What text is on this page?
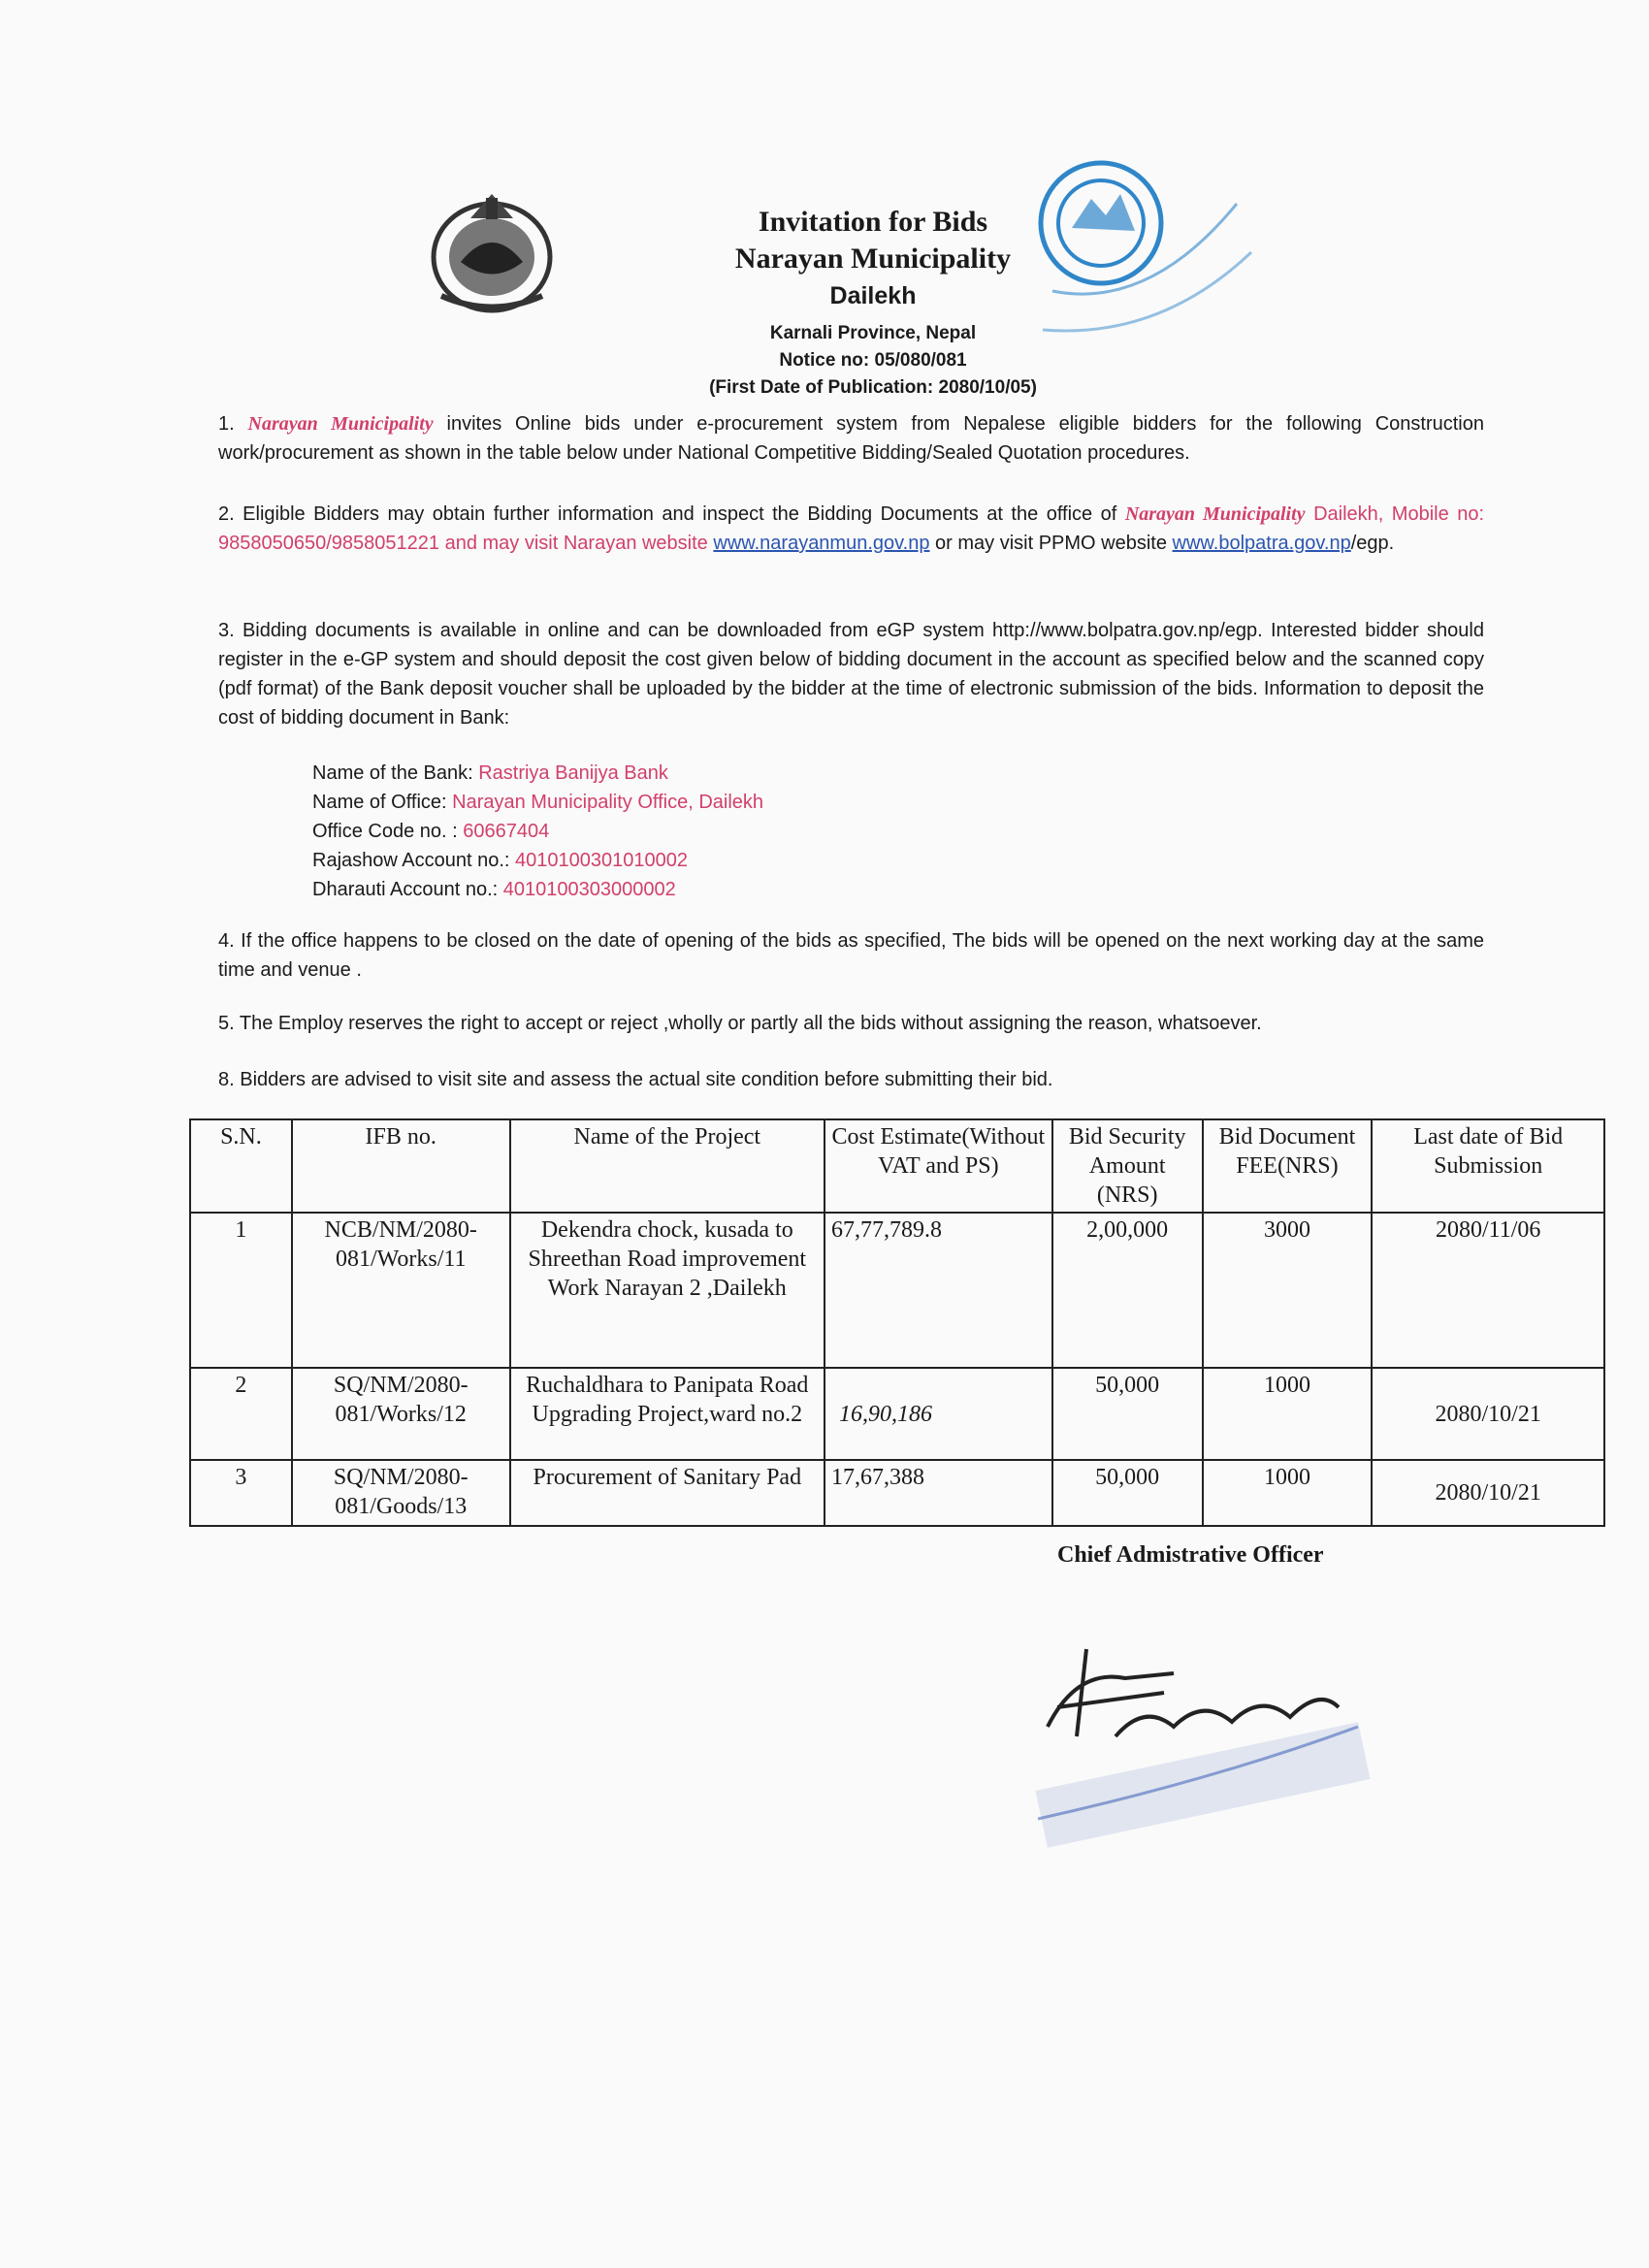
Invitation for Bids
Narayan Municipality
Dailekh
Karnali Province, Nepal
Notice no: 05/080/081
(First Date of Publication: 2080/10/05)
1. Narayan Municipality invites Online bids under e-procurement system from Nepalese eligible bidders for the following Construction work/procurement as shown in the table below under National Competitive Bidding/Sealed Quotation procedures.
2. Eligible Bidders may obtain further information and inspect the Bidding Documents at the office of Narayan Municipality Dailekh, Mobile no: 9858050650/9858051221 and may visit Narayan website www.narayanmun.gov.np or may visit PPMO website www.bolpatra.gov.np/egp.
3. Bidding documents is available in online and can be downloaded from eGP system http://www.bolpatra.gov.np/egp. Interested bidder should register in the e-GP system and should deposit the cost given below of bidding document in the account as specified below and the scanned copy (pdf format) of the Bank deposit voucher shall be uploaded by the bidder at the time of electronic submission of the bids. Information to deposit the cost of bidding document in Bank:
Name of the Bank: Rastriya Banijya Bank
Name of Office: Narayan Municipality Office, Dailekh
Office Code no. : 60667404
Rajashow Account no.: 4010100301010002
Dharauti Account no.: 4010100303000002
4. If the office happens to be closed on the date of opening of the bids as specified, The bids will be opened on the next working day at the same time and venue .
5. The Employ reserves the right to accept or reject ,wholly or partly all the bids without assigning the reason, whatsoever.
8. Bidders are advised to visit site and assess the actual site condition before submitting their bid.
S.N.	IFB no.	Name of the Project	Cost Estimate(Without VAT and PS)	Bid Security Amount (NRS)	Bid Document FEE(NRS)	Last date of Bid Submission
1	NCB/NM/2080-081/Works/11	Dekendra chock, kusada to Shreethan Road improvement Work Narayan 2 ,Dailekh	67,77,789.8	2,00,000	3000	2080/11/06
2	SQ/NM/2080-081/Works/12	Ruchaldhara to Panipata Road Upgrading Project,ward no.2	16,90,186	50,000	1000	2080/10/21
3	SQ/NM/2080-081/Goods/13	Procurement of Sanitary Pad	17,67,388	50,000	1000	2080/10/21
Chief Admistrative Officer
